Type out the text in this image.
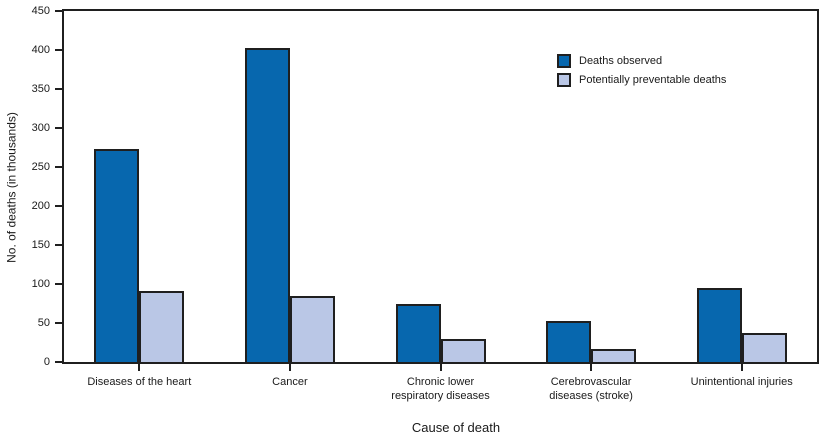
No. of deaths (in thousands)
Deaths observed
Potentially preventable deaths
Cause of death
0
50
100
150
200
250
300
350
400
450
Diseases of the heart	Cancer	Chronic lower
respiratory diseases
Cerebrovascular
diseases (stroke)
Unintentional injuries
